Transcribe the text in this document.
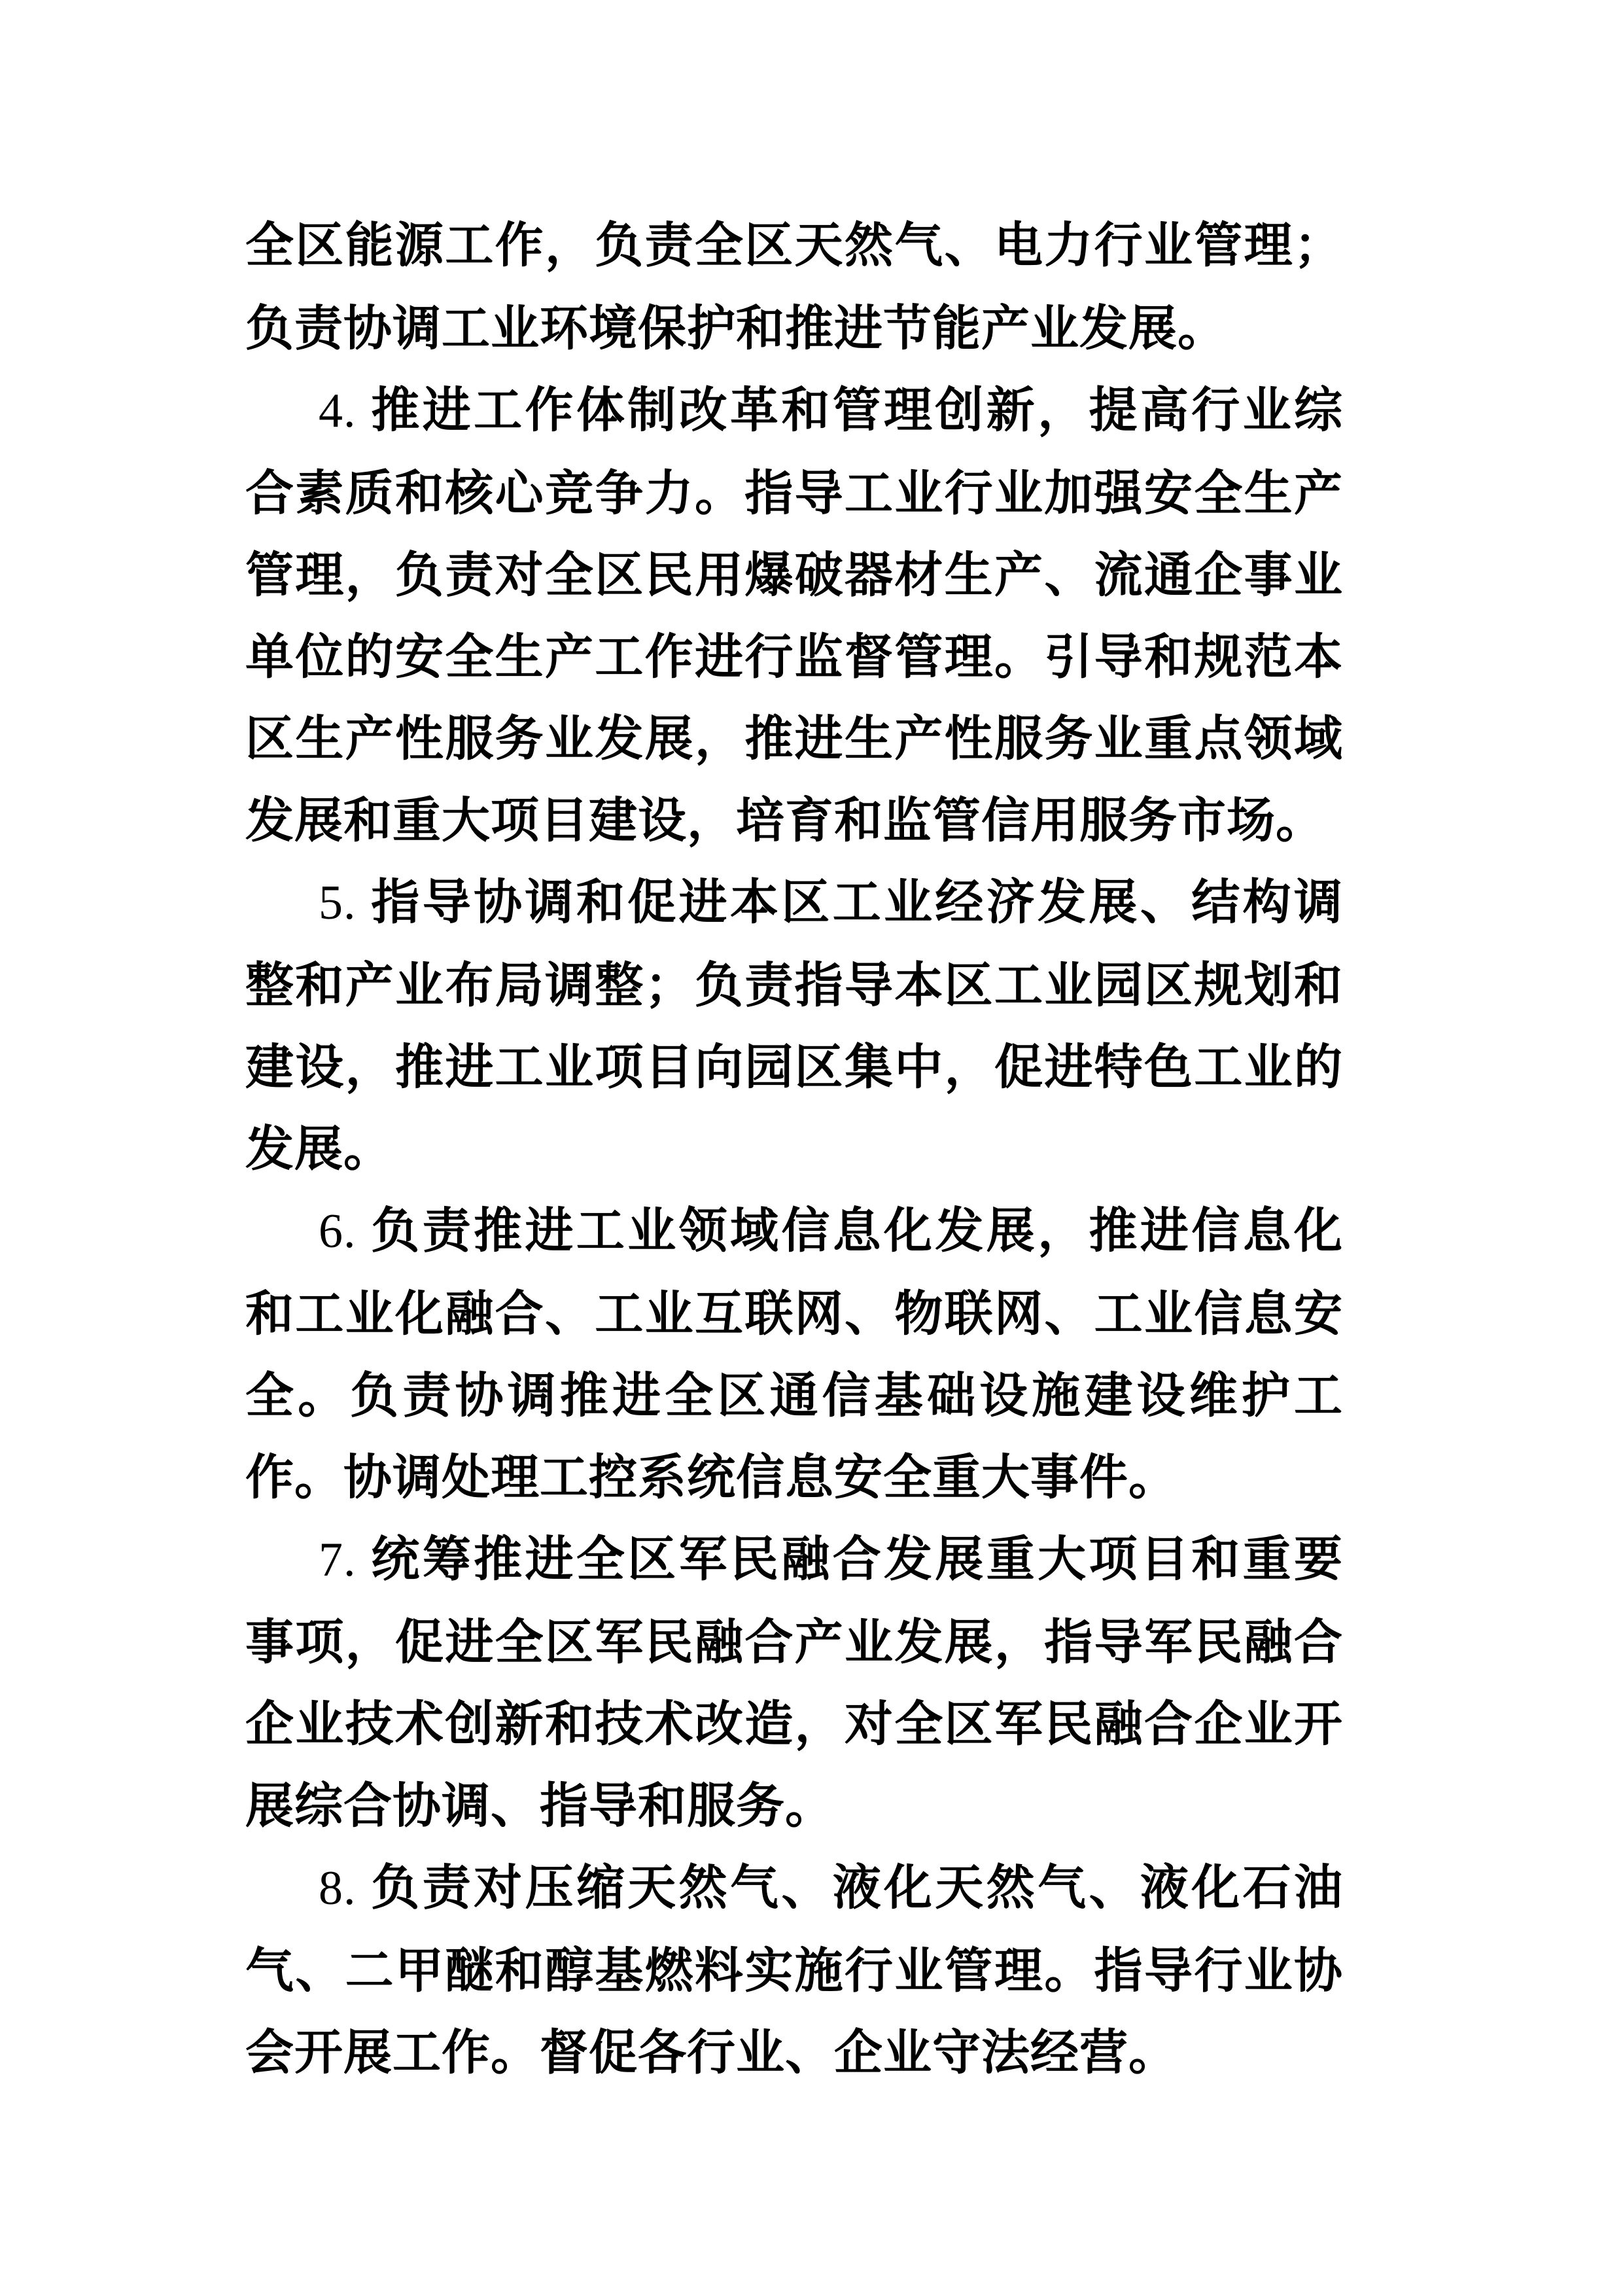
全区能源工作，负责全区天然气、电力行业管理；负责协调工业环境保护和推进节能产业发展。

4. 推进工作体制改革和管理创新，提高行业综合素质和核心竞争力。指导工业行业加强安全生产管理，负责对全区民用爆破器材生产、流通企事业单位的安全生产工作进行监督管理。引导和规范本区生产性服务业发展，推进生产性服务业重点领域发展和重大项目建设，培育和监管信用服务市场。

5. 指导协调和促进本区工业经济发展、结构调整和产业布局调整；负责指导本区工业园区规划和建设，推进工业项目向园区集中，促进特色工业的发展。

6. 负责推进工业领域信息化发展，推进信息化和工业化融合、工业互联网、物联网、工业信息安全。负责协调推进全区通信基础设施建设维护工作。协调处理工控系统信息安全重大事件。

7. 统筹推进全区军民融合发展重大项目和重要事项，促进全区军民融合产业发展，指导军民融合企业技术创新和技术改造，对全区军民融合企业开展综合协调、指导和服务。

8. 负责对压缩天然气、液化天然气、液化石油气、二甲醚和醇基燃料实施行业管理。指导行业协会开展工作。督促各行业、企业守法经营。
